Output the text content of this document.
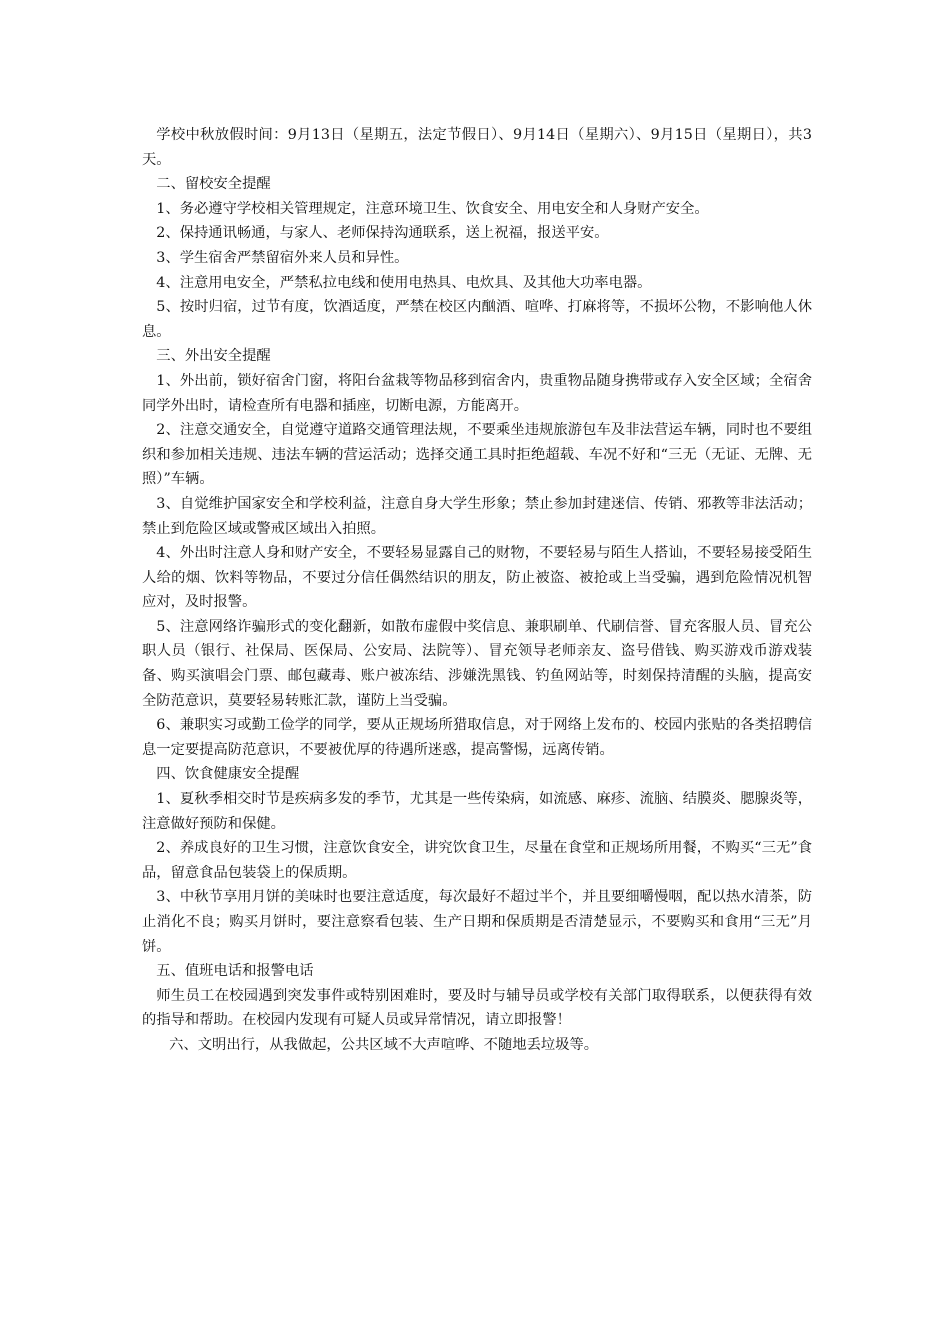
学校中秋放假时间：9月13日（星期五，法定节假日）、9月14日（星期六）、9月15日（星期日），共3天。

二、留校安全提醒

1、务必遵守学校相关管理规定，注意环境卫生、饮食安全、用电安全和人身财产安全。

2、保持通讯畅通，与家人、老师保持沟通联系，送上祝福，报送平安。

3、学生宿舍严禁留宿外来人员和异性。

4、注意用电安全，严禁私拉电线和使用电热具、电炊具、及其他大功率电器。

5、按时归宿，过节有度，饮酒适度，严禁在校区内酗酒、喧哗、打麻将等，不损坏公物，不影响他人休息。

三、外出安全提醒

1、外出前，锁好宿舍门窗，将阳台盆栽等物品移到宿舍内，贵重物品随身携带或存入安全区域；全宿舍同学外出时，请检查所有电器和插座，切断电源，方能离开。

2、注意交通安全，自觉遵守道路交通管理法规，不要乘坐违规旅游包车及非法营运车辆，同时也不要组织和参加相关违规、违法车辆的营运活动；选择交通工具时拒绝超载、车况不好和“三无（无证、无牌、无照）”车辆。

3、自觉维护国家安全和学校利益，注意自身大学生形象；禁止参加封建迷信、传销、邪教等非法活动；禁止到危险区域或警戒区域出入拍照。

4、外出时注意人身和财产安全，不要轻易显露自己的财物，不要轻易与陌生人搭讪，不要轻易接受陌生人给的烟、饮料等物品，不要过分信任偶然结识的朋友，防止被盗、被抢或上当受骗，遇到危险情况机智应对，及时报警。

5、注意网络诈骗形式的变化翻新，如散布虚假中奖信息、兼职刷单、代刷信誉、冒充客服人员、冒充公职人员（银行、社保局、医保局、公安局、法院等）、冒充领导老师亲友、盗号借钱、购买游戏币游戏装备、购买演唱会门票、邮包藏毒、账户被冻结、涉嫌洗黑钱、钓鱼网站等，时刻保持清醒的头脑，提高安全防范意识，莫要轻易转账汇款，谨防上当受骗。

6、兼职实习或勤工俭学的同学，要从正规场所猎取信息，对于网络上发布的、校园内张贴的各类招聘信息一定要提高防范意识，不要被优厚的待遇所迷惑，提高警惕，远离传销。

四、饮食健康安全提醒

1、夏秋季相交时节是疾病多发的季节，尤其是一些传染病，如流感、麻疹、流脑、结膜炎、腮腺炎等，注意做好预防和保健。

2、养成良好的卫生习惯，注意饮食安全，讲究饮食卫生，尽量在食堂和正规场所用餐，不购买“三无”食品，留意食品包装袋上的保质期。

3、中秋节享用月饼的美味时也要注意适度，每次最好不超过半个，并且要细嚼慢咽，配以热水清茶，防止消化不良；购买月饼时，要注意察看包装、生产日期和保质期是否清楚显示，不要购买和食用“三无”月饼。

五、值班电话和报警电话

师生员工在校园遇到突发事件或特别困难时，要及时与辅导员或学校有关部门取得联系，以便获得有效的指导和帮助。在校园内发现有可疑人员或异常情况，请立即报警！

六、文明出行，从我做起，公共区域不大声喧哗、不随地丢垃圾等。
